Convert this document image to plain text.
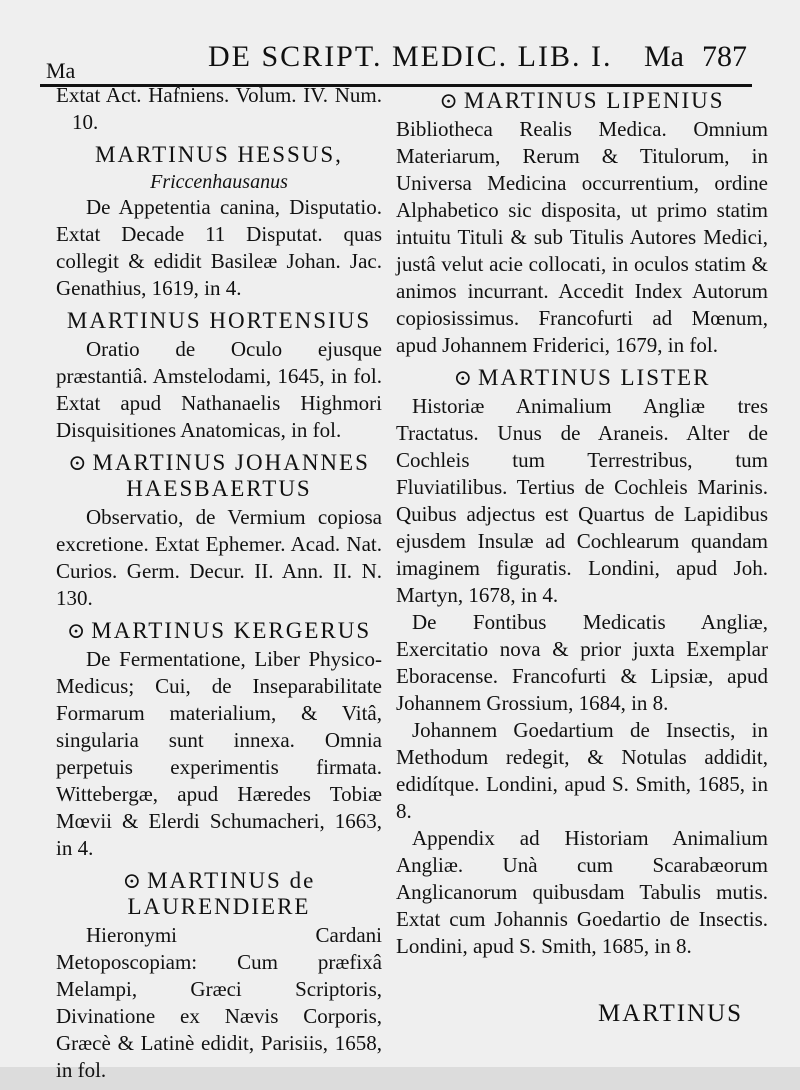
Ma	DE SCRIPT. MEDIC. LIB. I. Ma 787
Extat Act. Hafniens. Volum. IV. Num. 10.
MARTINUS HESSUS,
Friccenhausanus
De Appetentia canina, Disputatio. Extat Decade 11 Disputat. quas collegit & edidit Basileæ Johan. Jac. Genathius, 1619, in 4.
MARTINUS HORTENSIUS
Oratio de Oculo ejusque præstantiâ. Amstelodami, 1645, in fol. Extat apud Nathanaelis Highmori Disquisitiones Anatomicas, in fol.
⊙ MARTINUS JOHANNES HAESBAERTUS
Observatio, de Vermium copiosa excretione. Extat Ephemer. Acad. Nat. Curios. Germ. Decur. II. Ann. II. N. 130.
⊙ MARTINUS KERGERUS
De Fermentatione, Liber Physico-Medicus; Cui, de Inseparabilitate Formarum materialium, & Vitâ, singularia sunt innexa. Omnia perpetuis experimentis firmata. Wittebergæ, apud Hæredes Tobiæ Mœvii & Elerdi Schumacheri, 1663, in 4.
⊙ MARTINUS de LAURENDIERE
Hieronymi Cardani Metoposcopiam: Cum præfixâ Melampi, Græci Scriptoris, Divinatione ex Nævis Corporis, Græcè & Latinè edidit, Parisiis, 1658, in fol.
⊙ MARTINUS LIPENIUS
Bibliotheca Realis Medica. Omnium Materiarum, Rerum & Titulorum, in Universa Medicina occurrentium, ordine Alphabetico sic disposita, ut primo statim intuitu Tituli & sub Titulis Autores Medici, justâ velut acie collocati, in oculos statim & animos incurrant. Accedit Index Autorum copiosissimus. Francofurti ad Mœnum, apud Johannem Friderici, 1679, in fol.
⊙ MARTINUS LISTER
Historiæ Animalium Angliæ tres Tractatus. Unus de Araneis. Alter de Cochleis tum Terrestribus, tum Fluviatilibus. Tertius de Cochleis Marinis. Quibus adjectus est Quartus de Lapidibus ejusdem Insulæ ad Cochlearum quandam imaginem figuratis. Londini, apud Joh. Martyn, 1678, in 4.
De Fontibus Medicatis Angliæ, Exercitatio nova & prior juxta Exemplar Eboracense. Francofurti & Lipsiæ, apud Johannem Grossium, 1684, in 8.
Johannem Goedartium de Insectis, in Methodum redegit, & Notulas addidit, edidítque. Londini, apud S. Smith, 1685, in 8.
Appendix ad Historiam Animalium Angliæ. Unà cum Scarabæorum Anglicanorum quibusdam Tabulis mutis. Extat cum Johannis Goedartio de Insectis. Londini, apud S. Smith, 1685, in 8.
MARTINUS
